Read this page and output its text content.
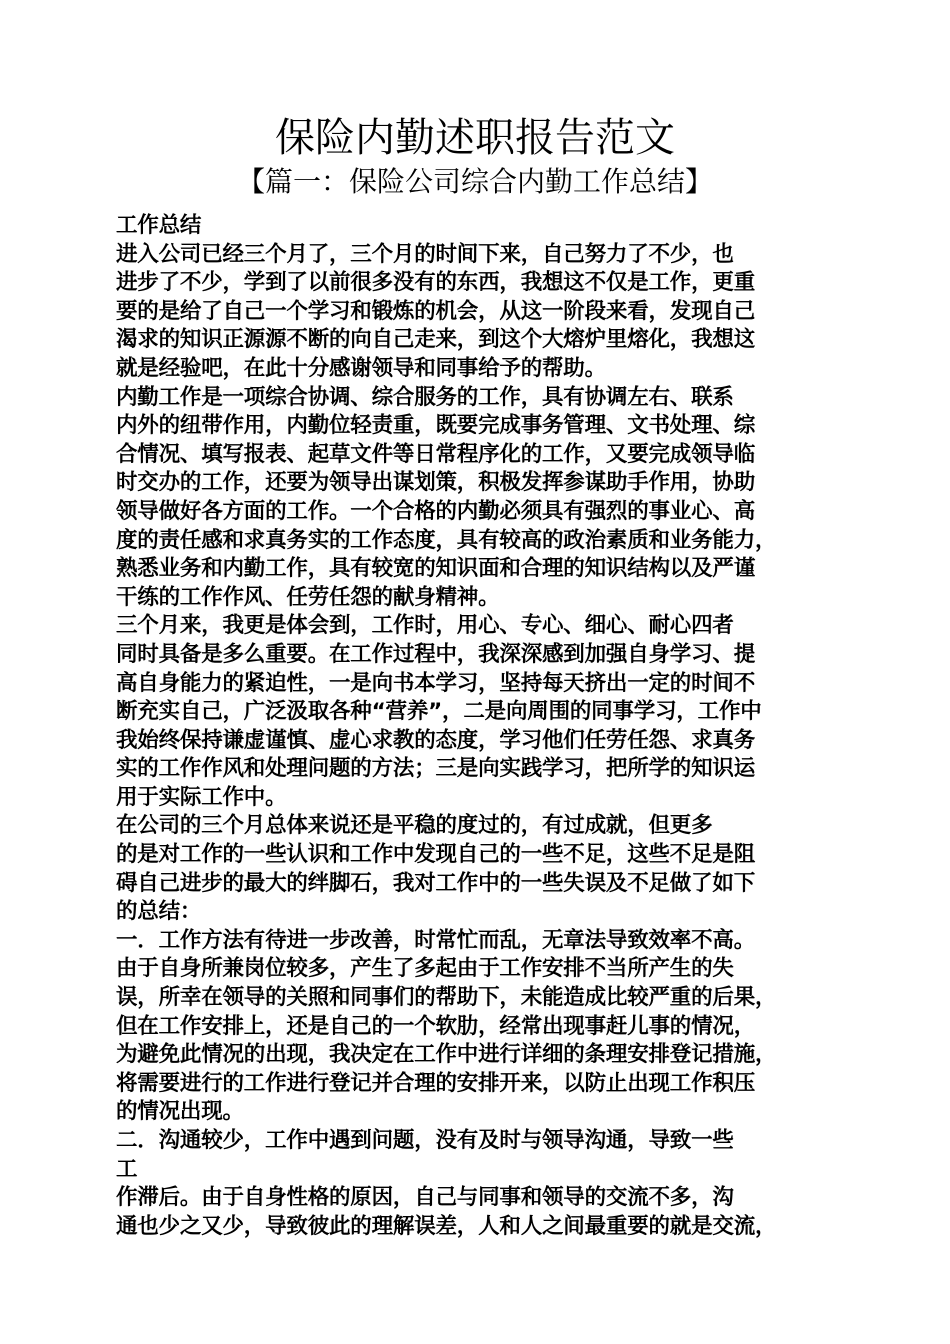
保险内勤述职报告范文
【篇一：保险公司综合内勤工作总结】
工作总结
进入公司已经三个月了，三个月的时间下来，自己努力了不少，也
进步了不少，学到了以前很多没有的东西，我想这不仅是工作，更重
要的是给了自己一个学习和锻炼的机会，从这一阶段来看，发现自己
渴求的知识正源源不断的向自己走来，到这个大熔炉里熔化，我想这
就是经验吧，在此十分感谢领导和同事给予的帮助。
内勤工作是一项综合协调、综合服务的工作，具有协调左右、联系
内外的纽带作用，内勤位轻责重，既要完成事务管理、文书处理、综
合情况、填写报表、起草文件等日常程序化的工作，又要完成领导临
时交办的工作，还要为领导出谋划策，积极发挥参谋助手作用，协助
领导做好各方面的工作。一个合格的内勤必须具有强烈的事业心、高
度的责任感和求真务实的工作态度，具有较高的政治素质和业务能力，
熟悉业务和内勤工作，具有较宽的知识面和合理的知识结构以及严谨
干练的工作作风、任劳任怨的献身精神。
三个月来，我更是体会到，工作时，用心、专心、细心、耐心四者
同时具备是多么重要。在工作过程中，我深深感到加强自身学习、提
高自身能力的紧迫性，一是向书本学习，坚持每天挤出一定的时间不
断充实自己，广泛汲取各种“营养”，二是向周围的同事学习，工作中
我始终保持谦虚谨慎、虚心求教的态度，学习他们任劳任怨、求真务
实的工作作风和处理问题的方法；三是向实践学习，把所学的知识运
用于实际工作中。
在公司的三个月总体来说还是平稳的度过的，有过成就，但更多
的是对工作的一些认识和工作中发现自己的一些不足，这些不足是阻
碍自己进步的最大的绊脚石，我对工作中的一些失误及不足做了如下
的总结：
一．工作方法有待进一步改善，时常忙而乱，无章法导致效率不高。
由于自身所兼岗位较多，产生了多起由于工作安排不当所产生的失
误，所幸在领导的关照和同事们的帮助下，未能造成比较严重的后果，
但在工作安排上，还是自己的一个软肋，经常出现事赶儿事的情况，
为避免此情况的出现，我决定在工作中进行详细的条理安排登记措施，
将需要进行的工作进行登记并合理的安排开来，以防止出现工作积压
的情况出现。
二．沟通较少，工作中遇到问题，没有及时与领导沟通，导致一些
工
作滞后。由于自身性格的原因，自己与同事和领导的交流不多，沟
通也少之又少，导致彼此的理解误差，人和人之间最重要的就是交流，
